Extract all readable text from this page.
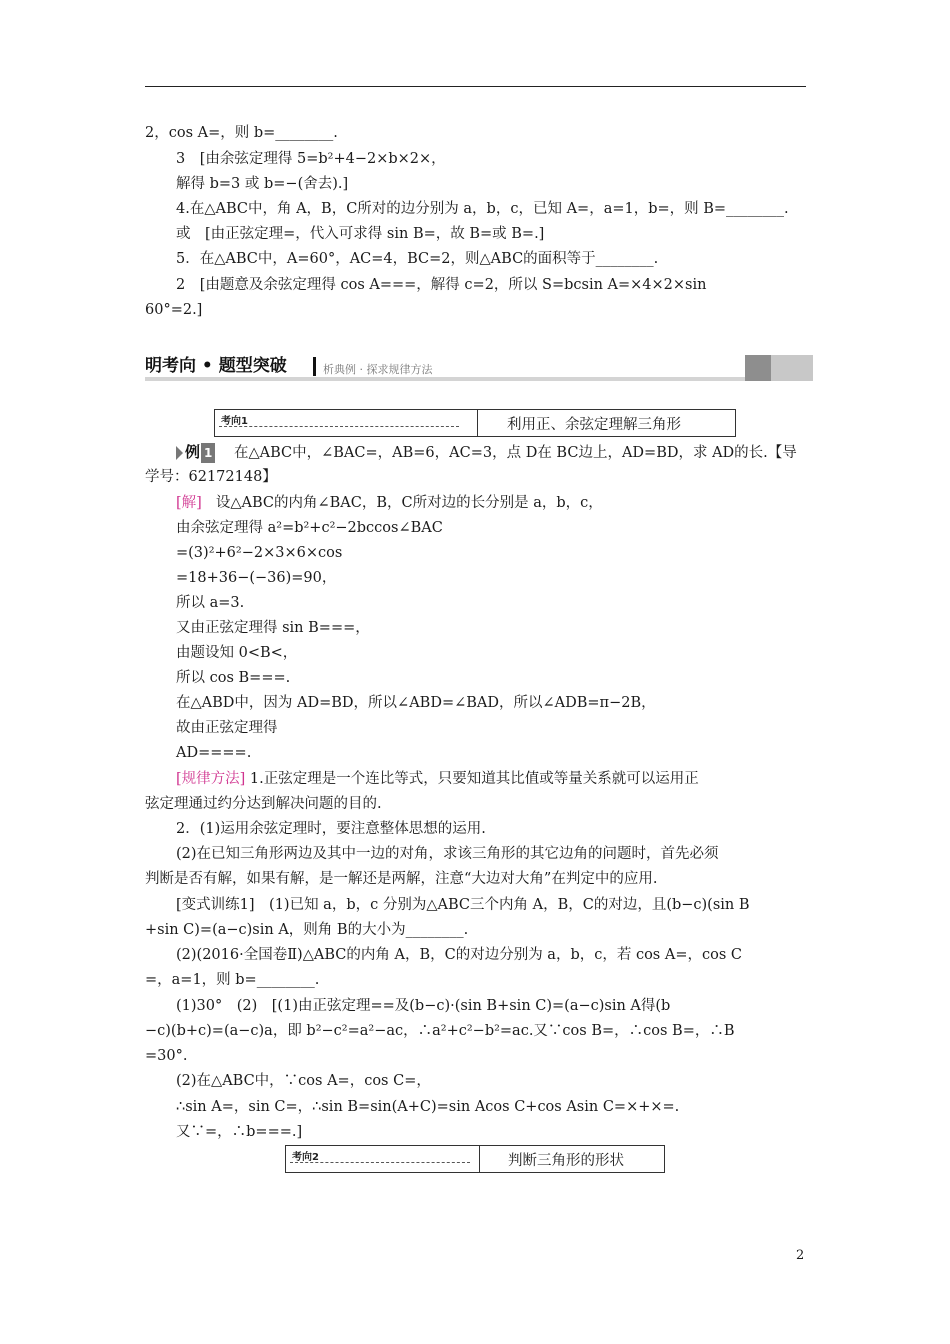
2，cos A=，则 b=________.
3　[由余弦定理得 5=b²+4−2×b×2×，
解得 b=3 或 b=−(舍去).]
4.在△ABC中，角 A，B，C所对的边分别为 a，b，c，已知 A=，a=1，b=，则 B=________.
或　[由正弦定理=，代入可求得 sin B=，故 B=或 B=.]
5．在△ABC中，A=60°，AC=4，BC=2，则△ABC的面积等于________.
2　[由题意及余弦定理得 cos A===，解得 c=2，所以 S=bcsin A=×4×2×sin
60°=2.]
明考向 • 题型突破	析典例 · 探求规律方法
考向1	利用正、余弦定理解三角形
例 1 在△ABC中，∠BAC=，AB=6，AC=3，点 D在 BC边上，AD=BD，求 AD的长.【导
学号：62172148】
[解] 设△ABC的内角∠BAC，B，C所对边的长分别是 a，b，c，
由余弦定理得 a²=b²+c²−2bccos∠BAC
=(3)²+6²−2×3×6×cos
=18+36−(−36)=90，
所以 a=3.
又由正弦定理得 sin B===，
由题设知 0<B<，
所以 cos B===.
在△ABD中，因为 AD=BD，所以∠ABD=∠BAD，所以∠ADB=π−2B，
故由正弦定理得
AD====.
[规律方法] 1.正弦定理是一个连比等式，只要知道其比值或等量关系就可以运用正
弦定理通过约分达到解决问题的目的.
2．(1)运用余弦定理时，要注意整体思想的运用.
(2)在已知三角形两边及其中一边的对角，求该三角形的其它边角的问题时，首先必须
判断是否有解，如果有解，是一解还是两解，注意“大边对大角”在判定中的应用.
[变式训练1]　(1)已知 a，b，c 分别为△ABC三个内角 A，B，C的对边，且(b−c)(sin B
+sin C)=(a−c)sin A，则角 B的大小为________.
(2)(2016·全国卷Ⅱ)△ABC的内角 A，B，C的对边分别为 a，b，c，若 cos A=，cos C
=，a=1，则 b=________.
(1)30°　(2)　[(1)由正弦定理==及(b−c)·(sin B+sin C)=(a−c)sin A得(b
−c)(b+c)=(a−c)a，即 b²−c²=a²−ac，∴a²+c²−b²=ac.又∵cos B=，∴cos B=，∴B
=30°.
(2)在△ABC中，∵cos A=，cos C=，
∴sin A=，sin C=，∴sin B=sin(A+C)=sin Acos C+cos Asin C=×+×=.
又∵=，∴b===.]
考向2	判断三角形的形状
2
